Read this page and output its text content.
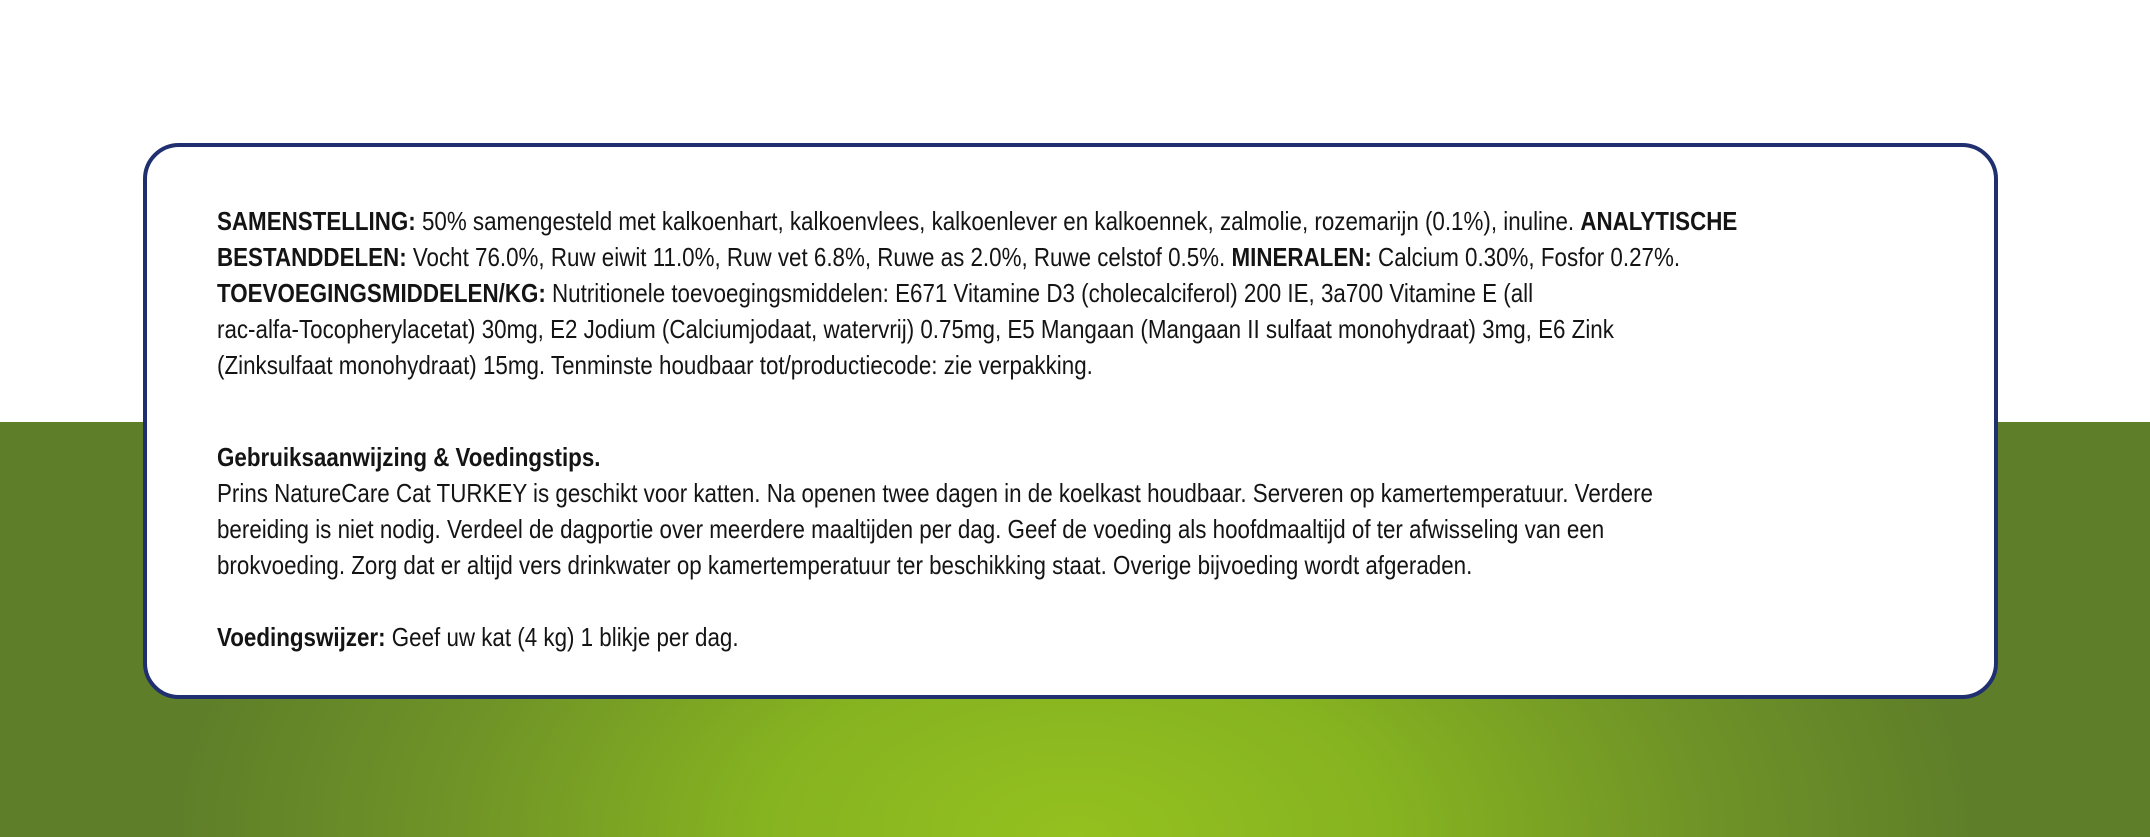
SAMENSTELLING: 50% samengesteld met kalkoenhart, kalkoenvlees, kalkoenlever en kalkoennek, zalmolie, rozemarijn (0.1%), inuline. ANALYTISCHE
BESTANDDELEN: Vocht 76.0%, Ruw eiwit 11.0%, Ruw vet 6.8%, Ruwe as 2.0%, Ruwe celstof 0.5%. MINERALEN: Calcium 0.30%, Fosfor 0.27%.
TOEVOEGINGSMIDDELEN/KG: Nutritionele toevoegingsmiddelen: E671 Vitamine D3 (cholecalciferol) 200 IE, 3a700 Vitamine E (all
rac-alfa-Tocopherylacetat) 30mg, E2 Jodium (Calciumjodaat, watervrij) 0.75mg, E5 Mangaan (Mangaan II sulfaat monohydraat) 3mg, E6 Zink
(Zinksulfaat monohydraat) 15mg. Tenminste houdbaar tot/productiecode: zie verpakking.

Gebruiksaanwijzing & Voedingstips.
Prins NatureCare Cat TURKEY is geschikt voor katten. Na openen twee dagen in de koelkast houdbaar. Serveren op kamertemperatuur. Verdere
bereiding is niet nodig. Verdeel de dagportie over meerdere maaltijden per dag. Geef de voeding als hoofdmaaltijd of ter afwisseling van een
brokvoeding. Zorg dat er altijd vers drinkwater op kamertemperatuur ter beschikking staat. Overige bijvoeding wordt afgeraden.

Voedingswijzer: Geef uw kat (4 kg) 1 blikje per dag.
